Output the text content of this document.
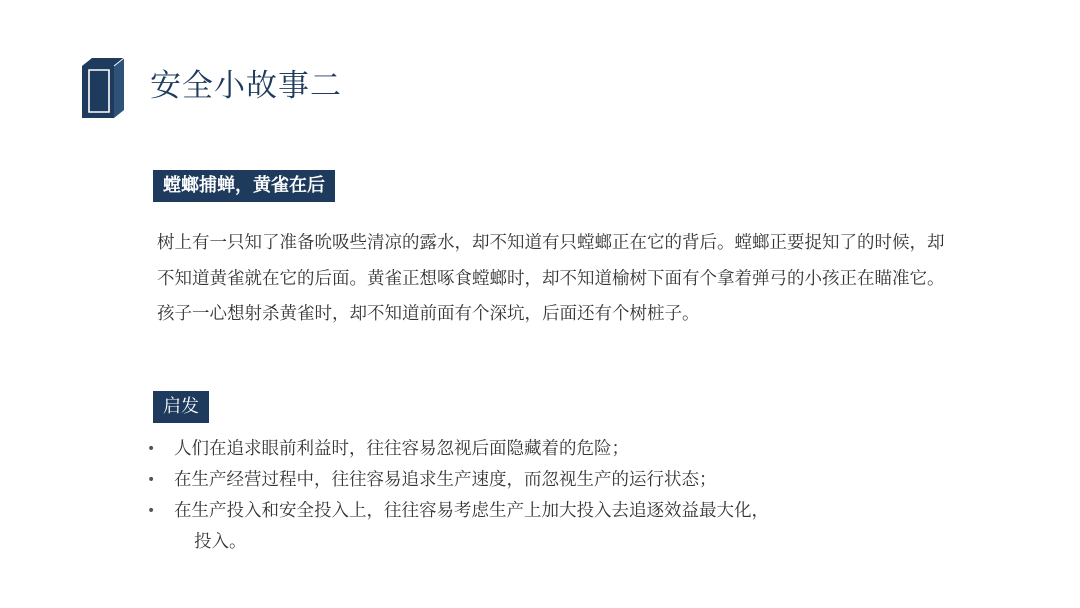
安全小故事二
螳螂捕蝉，黄雀在后

树上有一只知了准备吮吸些清凉的露水，却不知道有只螳螂正在它的背后。螳螂正要捉知了的时候，却不知道黄雀就在它的后面。黄雀正想啄食螳螂时，却不知道榆树下面有个拿着弹弓的小孩正在瞄准它。孩子一心想射杀黄雀时，却不知道前面有个深坑，后面还有个树桩子。

启发
• 人们在追求眼前利益时，往往容易忽视后面隐藏着的危险；
• 在生产经营过程中，往往容易追求生产速度，而忽视生产的运行状态；
• 在生产投入和安全投入上，往往容易考虑生产上加大投入去追逐效益最大化，
投入。
